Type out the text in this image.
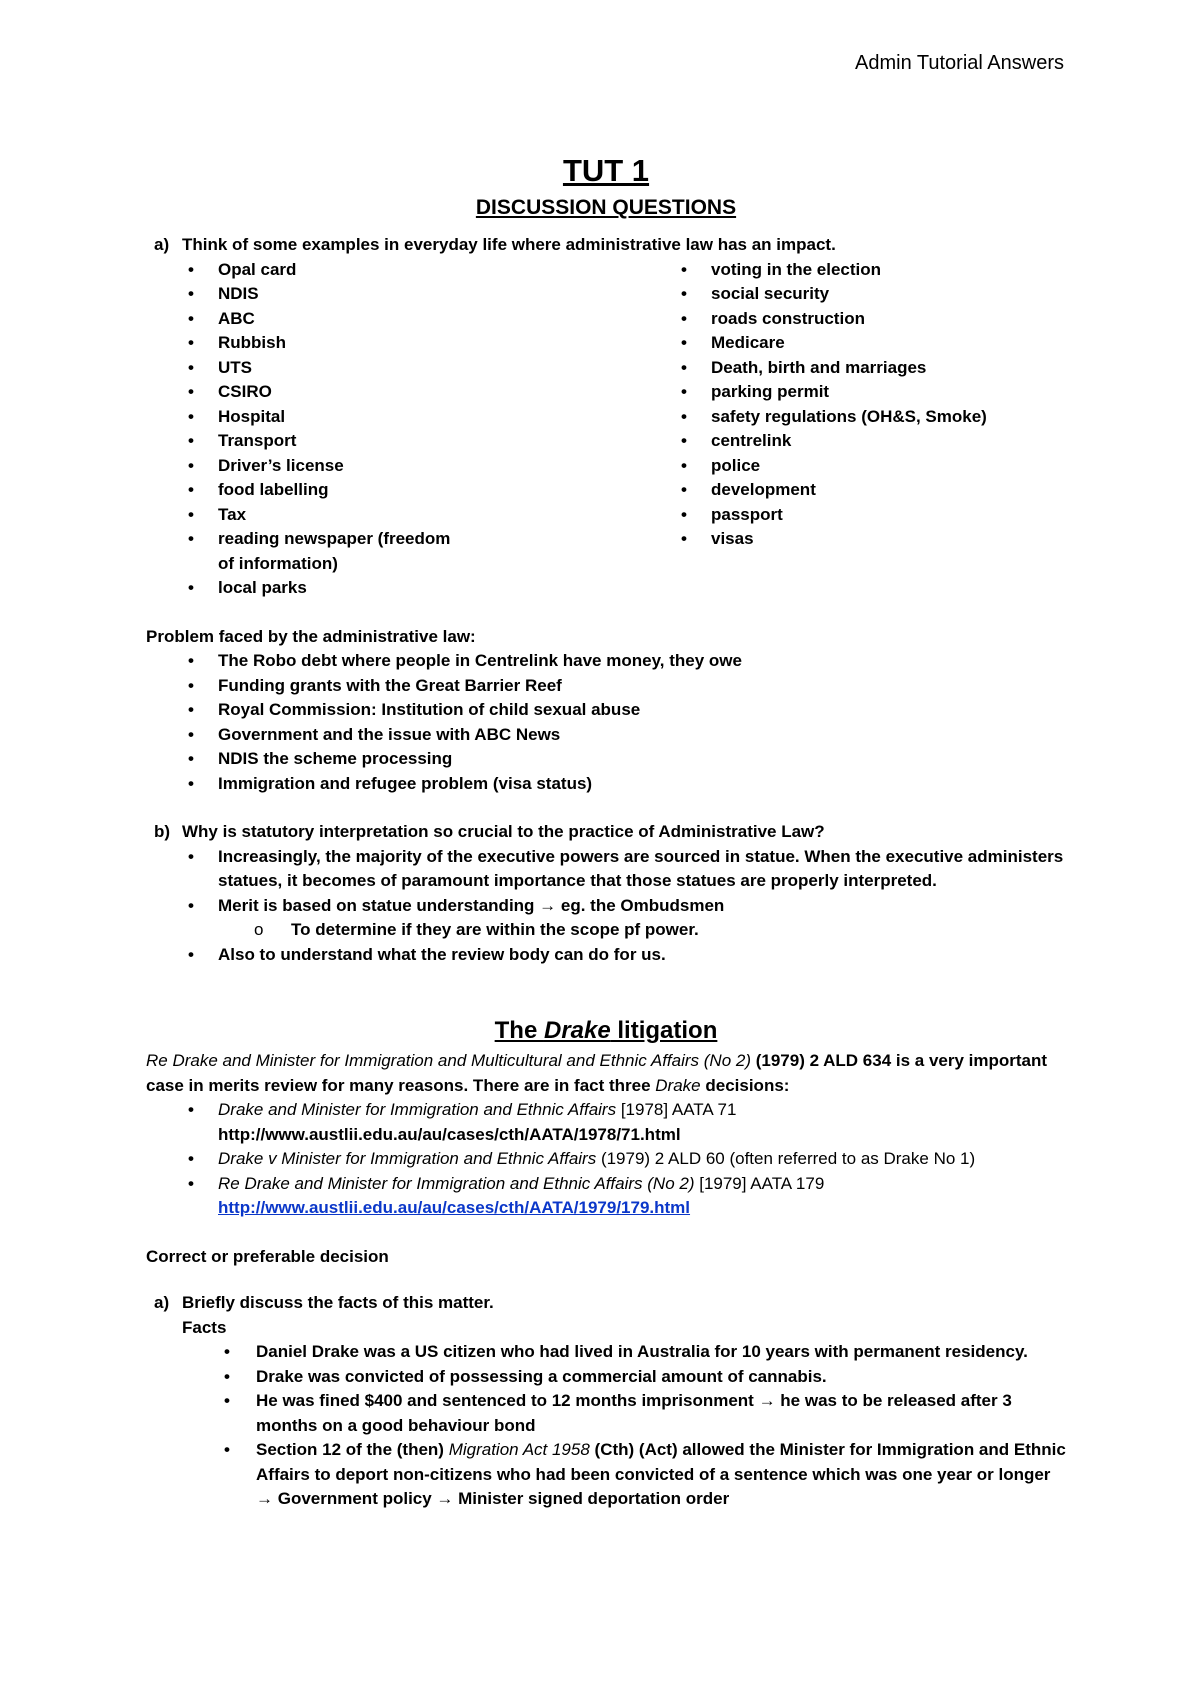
Admin Tutorial Answers
TUT 1
DISCUSSION QUESTIONS
a) Think of some examples in everyday life where administrative law has an impact.
• Opal card
• NDIS
• ABC
• Rubbish
• UTS
• CSIRO
• Hospital
• Transport
• Driver’s license
• food labelling
• Tax
• reading newspaper (freedom of information)
• local parks
• voting in the election
• social security
• roads construction
• Medicare
• Death, birth and marriages
• parking permit
• safety regulations (OH&S, Smoke)
• centrelink
• police
• development
• passport
• visas
Problem faced by the administrative law:
• The Robo debt where people in Centrelink have money, they owe
• Funding grants with the Great Barrier Reef
• Royal Commission: Institution of child sexual abuse
• Government and the issue with ABC News
• NDIS the scheme processing
• Immigration and refugee problem (visa status)
b) Why is statutory interpretation so crucial to the practice of Administrative Law?
• Increasingly, the majority of the executive powers are sourced in statue. When the executive administers statues, it becomes of paramount importance that those statues are properly interpreted.
• Merit is based on statue understanding → eg. the Ombudsmen
o To determine if they are within the scope pf power.
• Also to understand what the review body can do for us.
The Drake litigation
Re Drake and Minister for Immigration and Multicultural and Ethnic Affairs (No 2) (1979) 2 ALD 634 is a very important case in merits review for many reasons. There are in fact three Drake decisions:
• Drake and Minister for Immigration and Ethnic Affairs [1978] AATA 71
http://www.austlii.edu.au/au/cases/cth/AATA/1978/71.html
• Drake v Minister for Immigration and Ethnic Affairs (1979) 2 ALD 60 (often referred to as Drake No 1)
• Re Drake and Minister for Immigration and Ethnic Affairs (No 2) [1979] AATA 179
http://www.austlii.edu.au/au/cases/cth/AATA/1979/179.html
Correct or preferable decision
a) Briefly discuss the facts of this matter.
Facts
• Daniel Drake was a US citizen who had lived in Australia for 10 years with permanent residency.
• Drake was convicted of possessing a commercial amount of cannabis.
• He was fined $400 and sentenced to 12 months imprisonment → he was to be released after 3 months on a good behaviour bond
• Section 12 of the (then) Migration Act 1958 (Cth) (Act) allowed the Minister for Immigration and Ethnic Affairs to deport non-citizens who had been convicted of a sentence which was one year or longer → Government policy → Minister signed deportation order
